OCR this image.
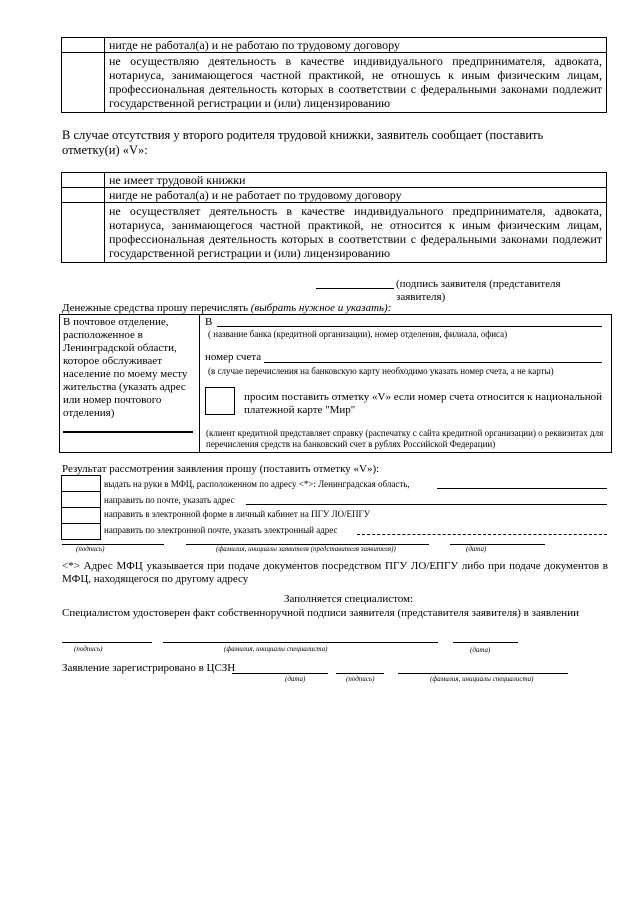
	нигде не работал(а) и не работаю по трудовому договору
	не осуществляю деятельность в качестве индивидуального предпринимателя, адвоката, нотариуса, занимающегося частной практикой, не отношусь к иным физическим лицам, профессиональная деятельность которых в соответствии с федеральными законами подлежит государственной регистрации и (или) лицензированию
В случае отсутствия у второго родителя трудовой книжки, заявитель сообщает (поставить отметку(и) «V»:
	не имеет трудовой книжки
	нигде не работал(а) и не работает по трудовому договору
	не осуществляет деятельность в качестве индивидуального предпринимателя, адвоката, нотариуса, занимающегося частной практикой, не относится к иным физическим лицам, профессиональная деятельность которых в соответствии с федеральными законами подлежит государственной регистрации и (или) лицензированию
(подпись заявителя (представителя заявителя)
Денежные средства прошу перечислять (выбрать нужное и указать):
В почтовое отделение, расположенное в Ленинградской области, которое обслуживает население по моему месту жительства (указать адрес или номер почтового отделения)
В
( название банка (кредитной организации), номер отделения, филиала, офиса)
номер счета
(в случае перечисления на банковскую карту необходимо указать номер счета, а не карты)
просим поставить отметку «V» если номер счета относится к национальной платежной карте "Мир"
(клиент кредитной представляет справку (распечатку с сайта кредитной организации) о реквизитах для перечисления средств на банковский счет в рублях Российской Федерации)
Результат рассмотрения заявления прошу (поставить отметку «V»):

выдать на руки в МФЦ, расположенном по адресу <*>: Ленинградская область,
направить по почте, указать адрес
направить в электронной форме в личный кабинет на ПГУ ЛО/ЕПГУ
направить по электронной почте, указать электронный адрес
(подпись)	(фамилия, инициалы заявителя (представителя заявителя))	(дата)
<*> Адрес МФЦ указывается при подаче документов посредством ПГУ ЛО/ЕПГУ либо при подаче документов в МФЦ, находящегося по другому адресу
Заполняется специалистом:
Специалистом удостоверен факт собственноручной подписи заявителя (представителя заявителя) в заявлении
(подпись)	(фамилия, инициалы специалиста)	(дата)
Заявление зарегистрировано в ЦСЗН
(дата)	(подпись)	(фамилия, инициалы специалиста)
